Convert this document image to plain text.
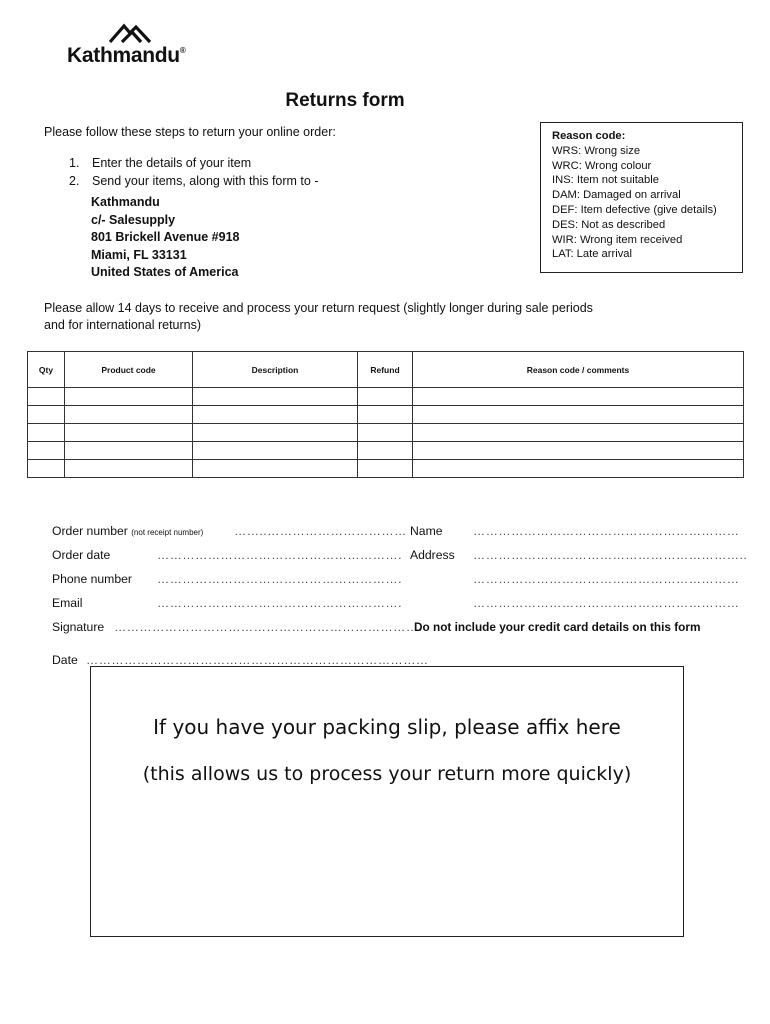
Kathmandu®
Returns form
Please follow these steps to return your online order:
1.	Enter the details of your item
2.	Send your items, along with this form to -
Kathmandu
c/- Salesupply
801 Brickell Avenue #918
Miami, FL 33131
United States of America
Reason code:
WRS: Wrong size
WRC: Wrong colour
INS: Item not suitable
DAM: Damaged on arrival
DEF: Item defective (give details)
DES: Not as described
WIR: Wrong item received
LAT: Late arrival
Please allow 14 days to receive and process your return request (slightly longer during sale periods and for international returns)
Qty	Product code	Description	Refund	Reason code / comments

Order number (not receipt number)	……..……………………………
Order date	………………………………………………….
Phone number ………………………………………………….
Email	………………………………………………….
Signature ……………………………………………………………….
Date ………………………………………………………………………
Name ………………………………………………………
Address ………………………………………………………..
………………………………………………………
………………………………………………………
Do not include your credit card details on this form
If you have your packing slip, please affix here
(this allows us to process your return more quickly)
